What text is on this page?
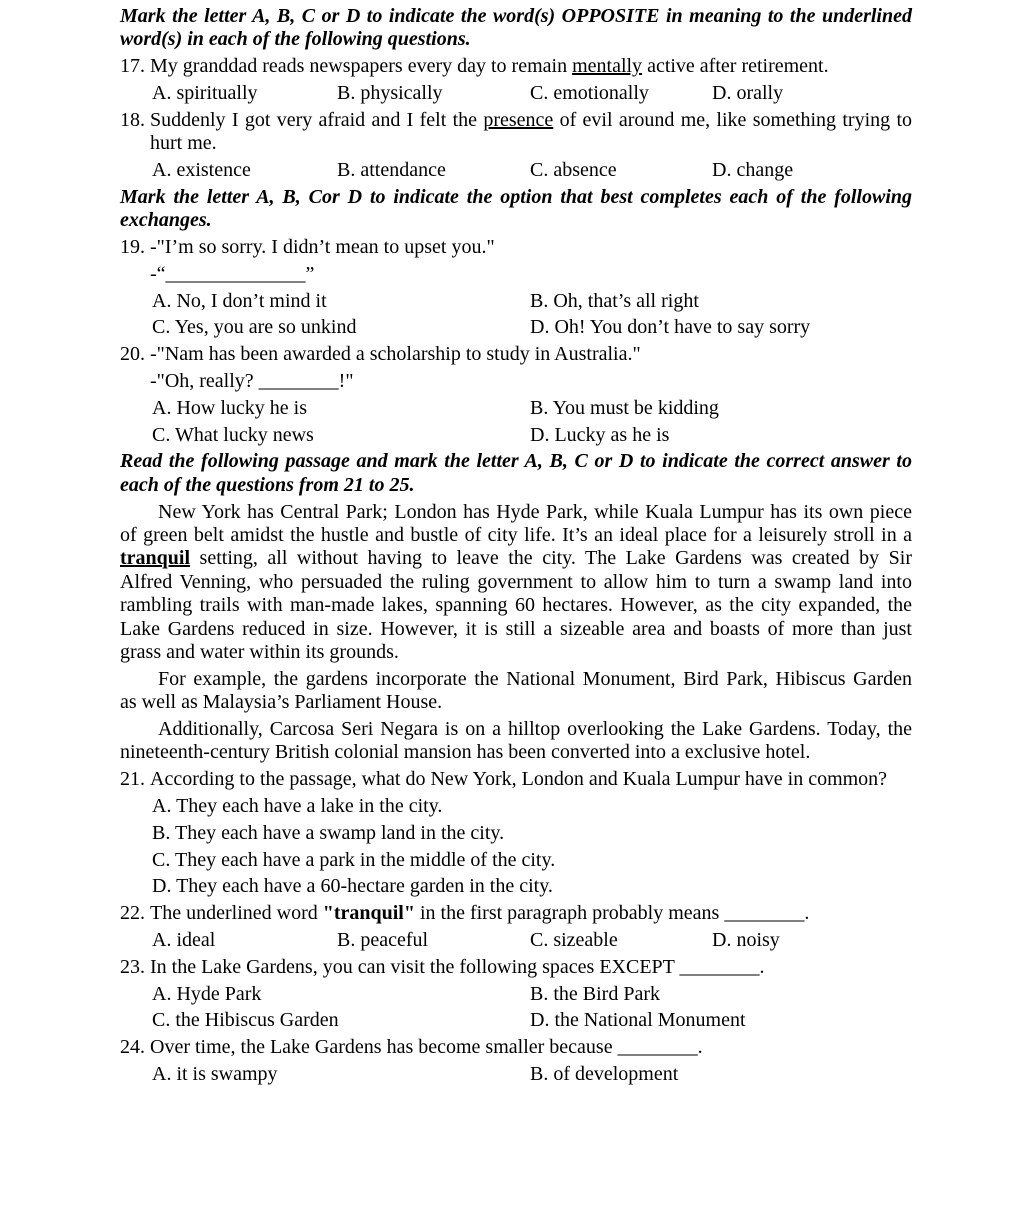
Mark the letter A, B, C or D to indicate the word(s) OPPOSITE in meaning to the underlined
word(s) in each of the following questions.
17. My granddad reads newspapers every day to remain mentally active after retirement.
A. spiritually	B. physically	C. emotionally	D. orally
18. Suddenly I got very afraid and I felt the presence of evil around me, like something trying to
hurt me.
A. existence	B. attendance	C. absence	D. change
Mark the letter A, B, Cor D to indicate the option that best completes each of the following
exchanges.
19. -"I’m so sorry. I didn’t mean to upset you."
-“______________”
A. No, I don’t mind it	B. Oh, that’s all right
C. Yes, you are so unkind	D. Oh! You don’t have to say sorry
20. -"Nam has been awarded a scholarship to study in Australia."
-"Oh, really? ________!"
A. How lucky he is	B. You must be kidding
C. What lucky news	D. Lucky as he is
Read the following passage and mark the letter A, B, C or D to indicate the correct answer to
each of the questions from 21 to 25.
New York has Central Park; London has Hyde Park, while Kuala Lumpur has its own piece
of green belt amidst the hustle and bustle of city life. It’s an ideal place for a leisurely stroll in a
tranquil setting, all without having to leave the city. The Lake Gardens was created by Sir
Alfred Venning, who persuaded the ruling government to allow him to turn a swamp land into
rambling trails with man-made lakes, spanning 60 hectares. However, as the city expanded, the
Lake Gardens reduced in size. However, it is still a sizeable area and boasts of more than just
grass and water within its grounds.
For example, the gardens incorporate the National Monument, Bird Park, Hibiscus Garden
as well as Malaysia’s Parliament House.
Additionally, Carcosa Seri Negara is on a hilltop overlooking the Lake Gardens. Today, the
nineteenth-century British colonial mansion has been converted into a exclusive hotel.
21. According to the passage, what do New York, London and Kuala Lumpur have in common?
A. They each have a lake in the city.
B. They each have a swamp land in the city.
C. They each have a park in the middle of the city.
D. They each have a 60-hectare garden in the city.
22. The underlined word "tranquil" in the first paragraph probably means ________.
A. ideal	B. peaceful	C. sizeable	D. noisy
23. In the Lake Gardens, you can visit the following spaces EXCEPT ________.
A. Hyde Park	B. the Bird Park
C. the Hibiscus Garden	D. the National Monument
24. Over time, the Lake Gardens has become smaller because ________.
A. it is swampy	B. of development
